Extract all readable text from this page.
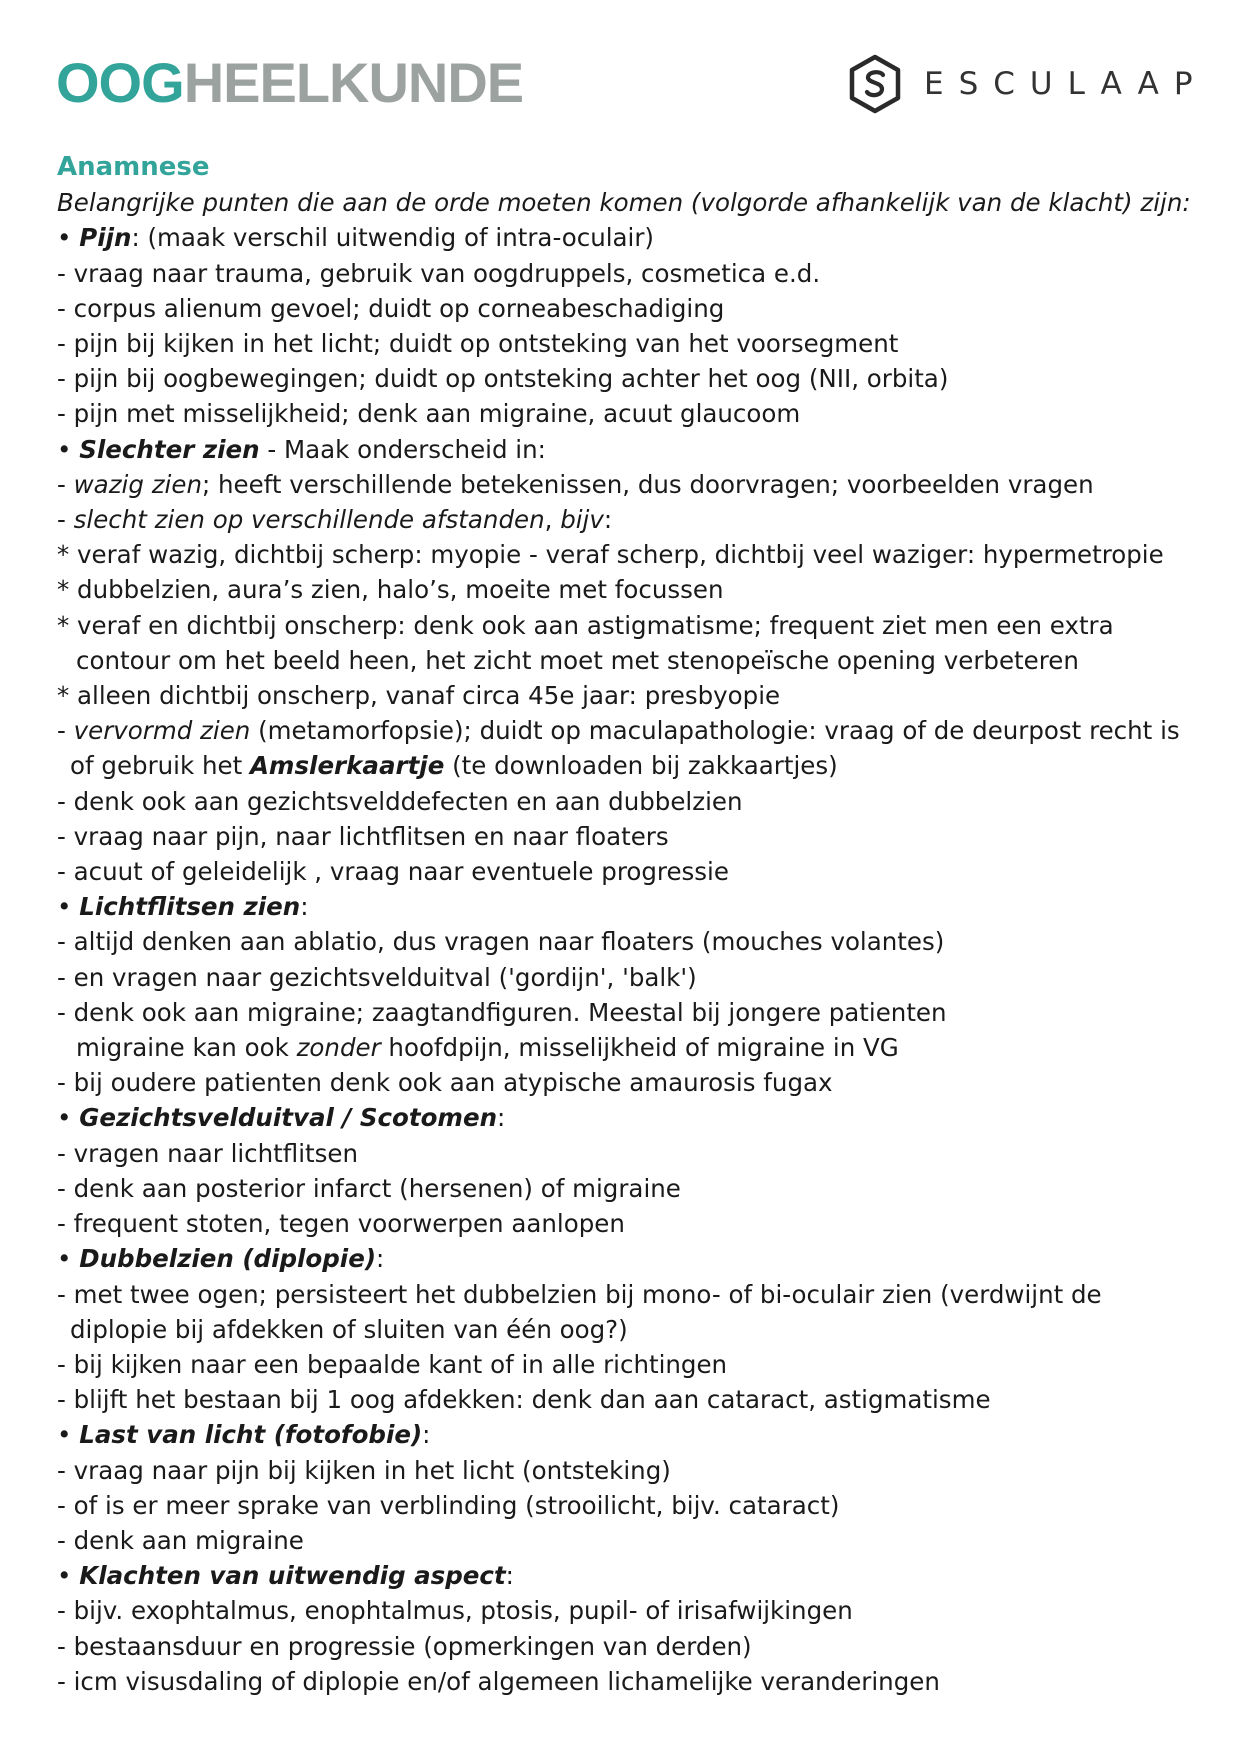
OOGHEELKUNDE	ESCULAAP
Anamnese

Belangrijke punten die aan de orde moeten komen (volgorde afhankelijk van de klacht) zijn:

• Pijn: (maak verschil uitwendig of intra-oculair)
- vraag naar trauma, gebruik van oogdruppels, cosmetica e.d.
- corpus alienum gevoel; duidt op corneabeschadiging
- pijn bij kijken in het licht; duidt op ontsteking van het voorsegment
- pijn bij oogbewegingen; duidt op ontsteking achter het oog (NII, orbita)
- pijn met misselijkheid; denk aan migraine, acuut glaucoom
• Slechter zien - Maak onderscheid in:
- wazig zien; heeft verschillende betekenissen, dus doorvragen; voorbeelden vragen
- slecht zien op verschillende afstanden, bijv:
* veraf wazig, dichtbij scherp: myopie - veraf scherp, dichtbij veel waziger: hypermetropie
* dubbelzien, aura’s zien, halo’s, moeite met focussen
* veraf en dichtbij onscherp: denk ook aan astigmatisme; frequent ziet men een extra
contour om het beeld heen, het zicht moet met stenopeïsche opening verbeteren
* alleen dichtbij onscherp, vanaf circa 45e jaar: presbyopie
- vervormd zien (metamorfopsie); duidt op maculapathologie: vraag of de deurpost recht is
of gebruik het Amslerkaartje (te downloaden bij zakkaartjes)
- denk ook aan gezichtsvelddefecten en aan dubbelzien
- vraag naar pijn, naar lichtflitsen en naar floaters
- acuut of geleidelijk , vraag naar eventuele progressie
• Lichtflitsen zien:
- altijd denken aan ablatio, dus vragen naar floaters (mouches volantes)
- en vragen naar gezichtsvelduitval ('gordijn', 'balk')
- denk ook aan migraine; zaagtandfiguren. Meestal bij jongere patienten
migraine kan ook zonder hoofdpijn, misselijkheid of migraine in VG
- bij oudere patienten denk ook aan atypische amaurosis fugax
• Gezichtsvelduitval / Scotomen:
- vragen naar lichtflitsen
- denk aan posterior infarct (hersenen) of migraine
- frequent stoten, tegen voorwerpen aanlopen
• Dubbelzien (diplopie):
- met twee ogen; persisteert het dubbelzien bij mono- of bi-oculair zien (verdwijnt de
diplopie bij afdekken of sluiten van één oog?)
- bij kijken naar een bepaalde kant of in alle richtingen
- blijft het bestaan bij 1 oog afdekken: denk dan aan cataract, astigmatisme
• Last van licht (fotofobie):
- vraag naar pijn bij kijken in het licht (ontsteking)
- of is er meer sprake van verblinding (strooilicht, bijv. cataract)
- denk aan migraine
• Klachten van uitwendig aspect:
- bijv. exophtalmus, enophtalmus, ptosis, pupil- of irisafwijkingen
- bestaansduur en progressie (opmerkingen van derden)
- icm visusdaling of diplopie en/of algemeen lichamelijke veranderingen
